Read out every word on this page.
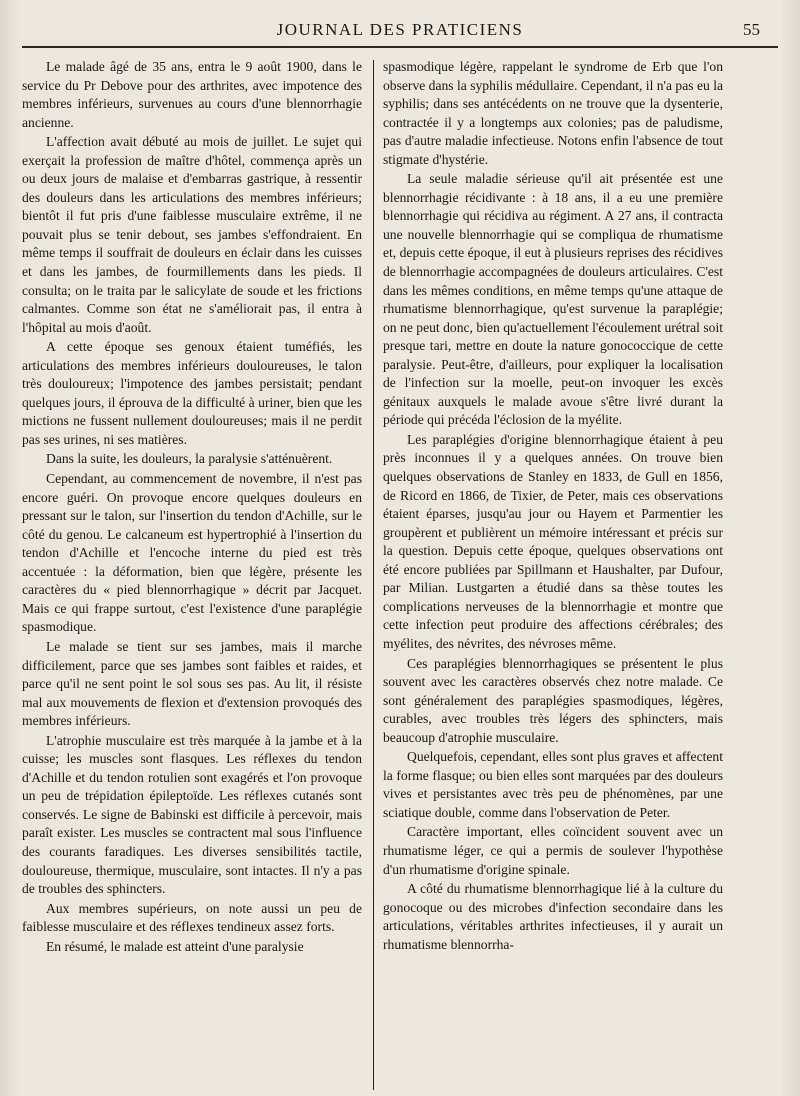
JOURNAL DES PRATICIENS	55

Le malade âgé de 35 ans, entra le 9 août 1900, dans le service du Pr Debove pour des arthrites, avec impotence des membres inférieurs, survenues au cours d'une blennorrhagie ancienne.

L'affection avait débuté au mois de juillet. Le sujet qui exerçait la profession de maître d'hôtel, commença après un ou deux jours de malaise et d'embarras gastrique, à ressentir des douleurs dans les articulations des membres inférieurs; bientôt il fut pris d'une faiblesse musculaire extrême, il ne pouvait plus se tenir debout, ses jambes s'effondraient. En même temps il souffrait de douleurs en éclair dans les cuisses et dans les jambes, de fourmillements dans les pieds. Il consulta; on le traita par le salicylate de soude et les frictions calmantes. Comme son état ne s'améliorait pas, il entra à l'hôpital au mois d'août.

A cette époque ses genoux étaient tuméfiés, les articulations des membres inférieurs douloureuses, le talon très douloureux; l'impotence des jambes persistait; pendant quelques jours, il éprouva de la difficulté à uriner, bien que les mictions ne fussent nullement douloureuses; mais il ne perdit pas ses urines, ni ses matières.

Dans la suite, les douleurs, la paralysie s'atténuèrent.

Cependant, au commencement de novembre, il n'est pas encore guéri. On provoque encore quelques douleurs en pressant sur le talon, sur l'insertion du tendon d'Achille, sur le côté du genou. Le calcaneum est hypertrophié à l'insertion du tendon d'Achille et l'encoche interne du pied est très accentuée : la déformation, bien que légère, présente les caractères du « pied blennorrhagique » décrit par Jacquet. Mais ce qui frappe surtout, c'est l'existence d'une paraplégie spasmodique.

Le malade se tient sur ses jambes, mais il marche difficilement, parce que ses jambes sont faibles et raides, et parce qu'il ne sent point le sol sous ses pas. Au lit, il résiste mal aux mouvements de flexion et d'extension provoqués des membres inférieurs.

L'atrophie musculaire est très marquée à la jambe et à la cuisse; les muscles sont flasques. Les réflexes du tendon d'Achille et du tendon rotulien sont exagérés et l'on provoque un peu de trépidation épileptoïde. Les réflexes cutanés sont conservés. Le signe de Babinski est difficile à percevoir, mais paraît exister. Les muscles se contractent mal sous l'influence des courants faradiques. Les diverses sensibilités tactile, douloureuse, thermique, musculaire, sont intactes. Il n'y a pas de troubles des sphincters.

Aux membres supérieurs, on note aussi un peu de faiblesse musculaire et des réflexes tendineux assez forts.

En résumé, le malade est atteint d'une paralysie

spasmodique légère, rappelant le syndrome de Erb que l'on observe dans la syphilis médullaire. Cependant, il n'a pas eu la syphilis; dans ses antécédents on ne trouve que la dysenterie, contractée il y a longtemps aux colonies; pas de paludisme, pas d'autre maladie infectieuse. Notons enfin l'absence de tout stigmate d'hystérie.

La seule maladie sérieuse qu'il ait présentée est une blennorrhagie récidivante : à 18 ans, il a eu une première blennorrhagie qui récidiva au régiment. A 27 ans, il contracta une nouvelle blennorrhagie qui se compliqua de rhumatisme et, depuis cette époque, il eut à plusieurs reprises des récidives de blennorrhagie accompagnées de douleurs articulaires. C'est dans les mêmes conditions, en même temps qu'une attaque de rhumatisme blennorrhagique, qu'est survenue la paraplégie; on ne peut donc, bien qu'actuellement l'écoulement urétral soit presque tari, mettre en doute la nature gonococcique de cette paralysie. Peut-être, d'ailleurs, pour expliquer la localisation de l'infection sur la moelle, peut-on invoquer les excès génitaux auxquels le malade avoue s'être livré durant la période qui précéda l'éclosion de la myélite.

Les paraplégies d'origine blennorrhagique étaient à peu près inconnues il y a quelques années. On trouve bien quelques observations de Stanley en 1833, de Gull en 1856, de Ricord en 1866, de Tixier, de Peter, mais ces observations étaient éparses, jusqu'au jour ou Hayem et Parmentier les groupèrent et publièrent un mémoire intéressant et précis sur la question. Depuis cette époque, quelques observations ont été encore publiées par Spillmann et Haushalter, par Dufour, par Milian. Lustgarten a étudié dans sa thèse toutes les complications nerveuses de la blennorrhagie et montre que cette infection peut produire des affections cérébrales; des myélites, des névrites, des névroses même.

Ces paraplégies blennorrhagiques se présentent le plus souvent avec les caractères observés chez notre malade. Ce sont généralement des paraplégies spasmodiques, légères, curables, avec troubles très légers des sphincters, mais beaucoup d'atrophie musculaire.

Quelquefois, cependant, elles sont plus graves et affectent la forme flasque; ou bien elles sont marquées par des douleurs vives et persistantes avec très peu de phénomènes, par une sciatique double, comme dans l'observation de Peter.

Caractère important, elles coïncident souvent avec un rhumatisme léger, ce qui a permis de soulever l'hypothèse d'un rhumatisme d'origine spinale.

A côté du rhumatisme blennorrhagique lié à la culture du gonocoque ou des microbes d'infection secondaire dans les articulations, véritables arthrites infectieuses, il y aurait un rhumatisme blennorrha-
